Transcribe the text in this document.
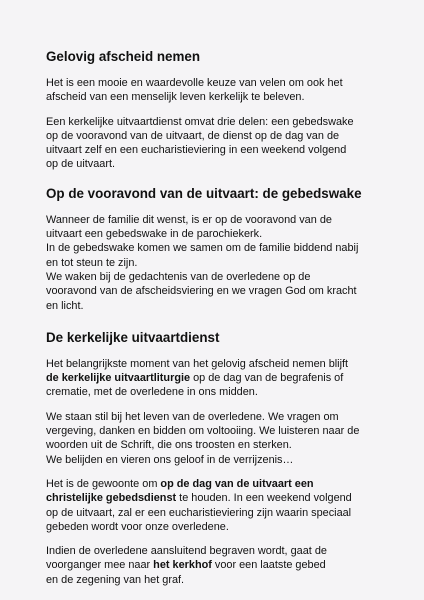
Gelovig afscheid nemen

Het is een mooie en waardevolle keuze van velen om ook het
afscheid van een menselijk leven kerkelijk te beleven.

Een kerkelijke uitvaartdienst omvat drie delen: een gebedswake
op de vooravond van de uitvaart, de dienst op de dag van de
uitvaart zelf en een eucharistieviering in een weekend volgend
op de uitvaart.

Op de vooravond van de uitvaart: de gebedswake

Wanneer de familie dit wenst, is er op de vooravond van de
uitvaart een gebedswake in de parochiekerk.
In de gebedswake komen we samen om de familie biddend nabij
en tot steun te zijn.
We waken bij de gedachtenis van de overledene op de
vooravond van de afscheidsviering en we vragen God om kracht
en licht.

De kerkelijke uitvaartdienst

Het belangrijkste moment van het gelovig afscheid nemen blijft
de kerkelijke uitvaartliturgie op de dag van de begrafenis of
crematie, met de overledene in ons midden.

We staan stil bij het leven van de overledene. We vragen om
vergeving, danken en bidden om voltooiing. We luisteren naar de
woorden uit de Schrift, die ons troosten en sterken.
We belijden en vieren ons geloof in de verrijzenis…

Het is de gewoonte om op de dag van de uitvaart een
christelijke gebedsdienst te houden. In een weekend volgend
op de uitvaart, zal er een eucharistieviering zijn waarin speciaal
gebeden wordt voor onze overledene.

Indien de overledene aansluitend begraven wordt, gaat de
voorganger mee naar het kerkhof voor een laatste gebed
en de zegening van het graf.
